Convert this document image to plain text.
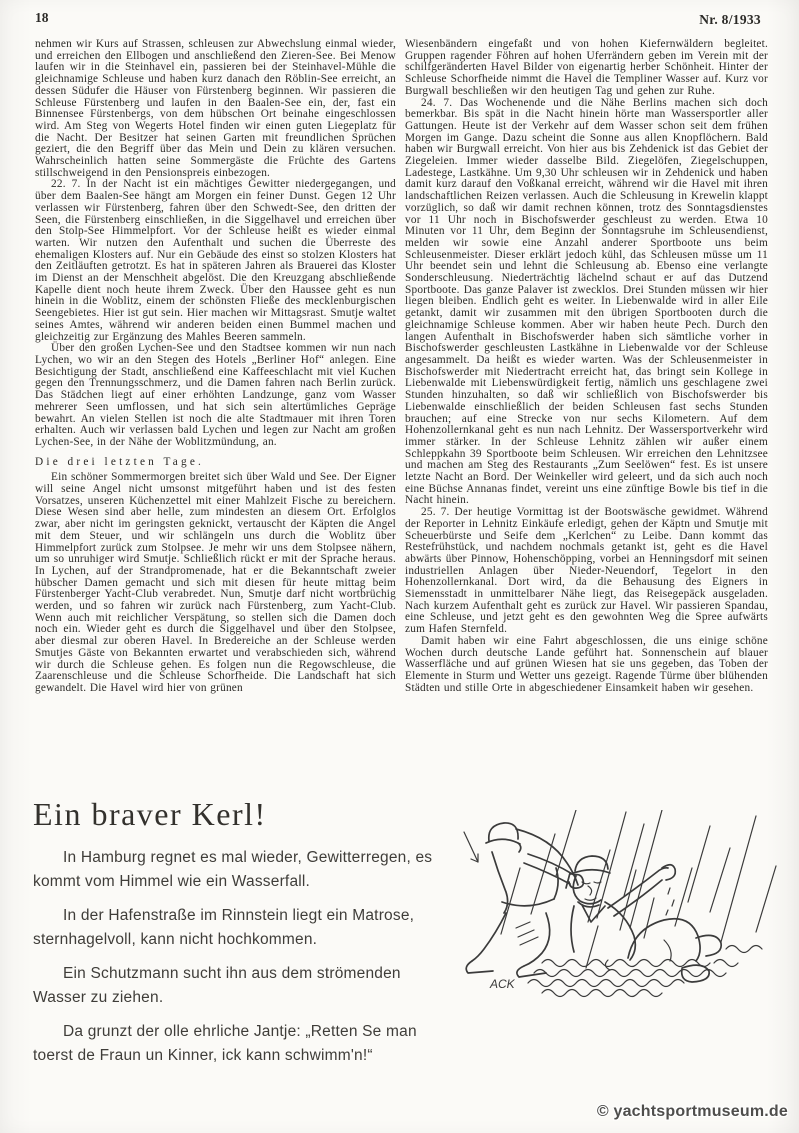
18	Nr. 8/1933

nehmen wir Kurs auf Strassen, schleusen zur Abwechslung einmal wieder, und erreichen den Ellbogen und anschließend den Zieren-See. Bei Menow laufen wir in die Steinhavel ein, passieren bei der Steinhavel-Mühle die gleichnamige Schleuse und haben kurz danach den Röblin-See erreicht, an dessen Südufer die Häuser von Fürstenberg beginnen. Wir passieren die Schleuse Fürstenberg und laufen in den Baalen-See ein, der, fast ein Binnensee Fürstenbergs, von dem hübschen Ort beinahe eingeschlossen wird. Am Steg von Wegerts Hotel finden wir einen guten Liegeplatz für die Nacht. Der Besitzer hat seinen Garten mit freundlichen Sprüchen geziert, die den Begriff über das Mein und Dein zu klären versuchen. Wahrscheinlich hatten seine Sommergäste die Früchte des Gartens stillschweigend in den Pensionspreis einbezogen.

22. 7. In der Nacht ist ein mächtiges Gewitter niedergegangen, und über dem Baalen-See hängt am Morgen ein feiner Dunst. Gegen 12 Uhr verlassen wir Fürstenberg, fahren über den Schwedt-See, den dritten der Seen, die Fürstenberg einschließen, in die Siggelhavel und erreichen über den Stolp-See Himmelpfort. Vor der Schleuse heißt es wieder einmal warten. Wir nutzen den Aufenthalt und suchen die Überreste des ehemaligen Klosters auf. Nur ein Gebäude des einst so stolzen Klosters hat den Zeitläuften getrotzt. Es hat in späteren Jahren als Brauerei das Kloster im Dienst an der Menschheit abgelöst. Die den Kreuzgang abschließende Kapelle dient noch heute ihrem Zweck. Über den Haussee geht es nun hinein in die Woblitz, einem der schönsten Fließe des mecklenburgischen Seengebietes. Hier ist gut sein. Hier machen wir Mittagsrast. Smutje waltet seines Amtes, während wir anderen beiden einen Bummel machen und gleichzeitig zur Ergänzung des Mahles Beeren sammeln.

Über den großen Lychen-See und den Stadtsee kommen wir nun nach Lychen, wo wir an den Stegen des Hotels „Berliner Hof“ anlegen. Eine Besichtigung der Stadt, anschließend eine Kaffeeschlacht mit viel Kuchen gegen den Trennungsschmerz, und die Damen fahren nach Berlin zurück. Das Städchen liegt auf einer erhöhten Landzunge, ganz vom Wasser mehrerer Seen umflossen, und hat sich sein altertümliches Gepräge bewahrt. An vielen Stellen ist noch die alte Stadtmauer mit ihren Toren erhalten. Auch wir verlassen bald Lychen und legen zur Nacht am großen Lychen-See, in der Nähe der Woblitzmündung, an.

Die drei letzten Tage.

Ein schöner Sommermorgen breitet sich über Wald und See. Der Eigner will seine Angel nicht umsonst mitgeführt haben und ist des festen Vorsatzes, unseren Küchenzettel mit einer Mahlzeit Fische zu bereichern. Diese Wesen sind aber helle, zum mindesten an diesem Ort. Erfolglos zwar, aber nicht im geringsten geknickt, vertauscht der Käpten die Angel mit dem Steuer, und wir schlängeln uns durch die Woblitz über Himmelpfort zurück zum Stolpsee. Je mehr wir uns dem Stolpsee nähern, um so unruhiger wird Smutje. Schließlich rückt er mit der Sprache heraus. In Lychen, auf der Strandpromenade, hat er die Bekanntschaft zweier hübscher Damen gemacht und sich mit diesen für heute mittag beim Fürstenberger Yacht-Club verabredet. Nun, Smutje darf nicht wortbrüchig werden, und so fahren wir zurück nach Fürstenberg, zum Yacht-Club. Wenn auch mit reichlicher Verspätung, so stellen sich die Damen doch noch ein. Wieder geht es durch die Siggelhavel und über den Stolpsee, aber diesmal zur oberen Havel. In Bredereiche an der Schleuse werden Smutjes Gäste von Bekannten erwartet und verabschieden sich, während wir durch die Schleuse gehen. Es folgen nun die Regowschleuse, die Zaarenschleuse und die Schleuse Schorfheide. Die Landschaft hat sich gewandelt. Die Havel wird hier von grünen

Wiesenbändern eingefaßt und von hohen Kiefernwäldern begleitet. Gruppen ragender Föhren auf hohen Uferrändern geben im Verein mit der schilfgeränderten Havel Bilder von eigenartig herber Schönheit. Hinter der Schleuse Schorfheide nimmt die Havel die Templiner Wasser auf. Kurz vor Burgwall beschließen wir den heutigen Tag und gehen zur Ruhe.

24. 7. Das Wochenende und die Nähe Berlins machen sich doch bemerkbar. Bis spät in die Nacht hinein hörte man Wassersportler aller Gattungen. Heute ist der Verkehr auf dem Wasser schon seit dem frühen Morgen im Gange. Dazu scheint die Sonne aus allen Knopflöchern. Bald haben wir Burgwall erreicht. Von hier aus bis Zehdenick ist das Gebiet der Ziegeleien. Immer wieder dasselbe Bild. Ziegelöfen, Ziegelschuppen, Ladestege, Lastkähne. Um 9,30 Uhr schleusen wir in Zehdenick und haben damit kurz darauf den Voßkanal erreicht, während wir die Havel mit ihren landschaftlichen Reizen verlassen. Auch die Schleusung in Krewelin klappt vorzüglich, so daß wir damit rechnen können, trotz des Sonntagsdienstes vor 11 Uhr noch in Bischofswerder geschleust zu werden. Etwa 10 Minuten vor 11 Uhr, dem Beginn der Sonntagsruhe im Schleusendienst, melden wir sowie eine Anzahl anderer Sportboote uns beim Schleusenmeister. Dieser erklärt jedoch kühl, das Schleusen müsse um 11 Uhr beendet sein und lehnt die Schleusung ab. Ebenso eine verlangte Sonderschleusung. Niederträchtig lächelnd schaut er auf das Dutzend Sportboote. Das ganze Palaver ist zwecklos. Drei Stunden müssen wir hier liegen bleiben. Endlich geht es weiter. In Liebenwalde wird in aller Eile getankt, damit wir zusammen mit den übrigen Sportbooten durch die gleichnamige Schleuse kommen. Aber wir haben heute Pech. Durch den langen Aufenthalt in Bischofswerder haben sich sämtliche vorher in Bischofswerder geschleusten Lastkähne in Liebenwalde vor der Schleuse angesammelt. Da heißt es wieder warten. Was der Schleusenmeister in Bischofswerder mit Niedertracht erreicht hat, das bringt sein Kollege in Liebenwalde mit Liebenswürdigkeit fertig, nämlich uns geschlagene zwei Stunden hinzuhalten, so daß wir schließlich von Bischofswerder bis Liebenwalde einschließlich der beiden Schleusen fast sechs Stunden brauchen; auf eine Strecke von nur sechs Kilometern. Auf dem Hohenzollernkanal geht es nun nach Lehnitz. Der Wassersportverkehr wird immer stärker. In der Schleuse Lehnitz zählen wir außer einem Schleppkahn 39 Sportboote beim Schleusen. Wir erreichen den Lehnitzsee und machen am Steg des Restaurants „Zum Seelöwen“ fest. Es ist unsere letzte Nacht an Bord. Der Weinkeller wird geleert, und da sich auch noch eine Büchse Annanas findet, vereint uns eine zünftige Bowle bis tief in die Nacht hinein.

25. 7. Der heutige Vormittag ist der Bootswäsche gewidmet. Während der Reporter in Lehnitz Einkäufe erledigt, gehen der Käptn und Smutje mit Scheuerbürste und Seife dem „Kerlchen“ zu Leibe. Dann kommt das Restefrühstück, und nachdem nochmals getankt ist, geht es die Havel abwärts über Pinnow, Hohenschöpping, vorbei an Henningsdorf mit seinen industriellen Anlagen über Nieder-Neuendorf, Tegelort in den Hohenzollernkanal. Dort wird, da die Behausung des Eigners in Siemensstadt in unmittelbarer Nähe liegt, das Reisegepäck ausgeladen. Nach kurzem Aufenthalt geht es zurück zur Havel. Wir passieren Spandau, eine Schleuse, und jetzt geht es den gewohnten Weg die Spree aufwärts zum Hafen Sternfeld.

Damit haben wir eine Fahrt abgeschlossen, die uns einige schöne Wochen durch deutsche Lande geführt hat. Sonnenschein auf blauer Wasserfläche und auf grünen Wiesen hat sie uns gegeben, das Toben der Elemente in Sturm und Wetter uns gezeigt. Ragende Türme über blühenden Städten und stille Orte in abgeschiedener Einsamkeit haben wir gesehen.

Ein braver Kerl!

In Hamburg regnet es mal wieder, Gewitterregen, es kommt vom Himmel wie ein Wasserfall.

In der Hafenstraße im Rinnstein liegt ein Matrose, sternhagelvoll, kann nicht hochkommen.

Ein Schutzmann sucht ihn aus dem strömenden Wasser zu ziehen.

Da grunzt der olle ehrliche Jantje: „Retten Se man toerst de Fraun un Kinner, ick kann schwimm'n!“

ACK
© yachtsportmuseum.de
